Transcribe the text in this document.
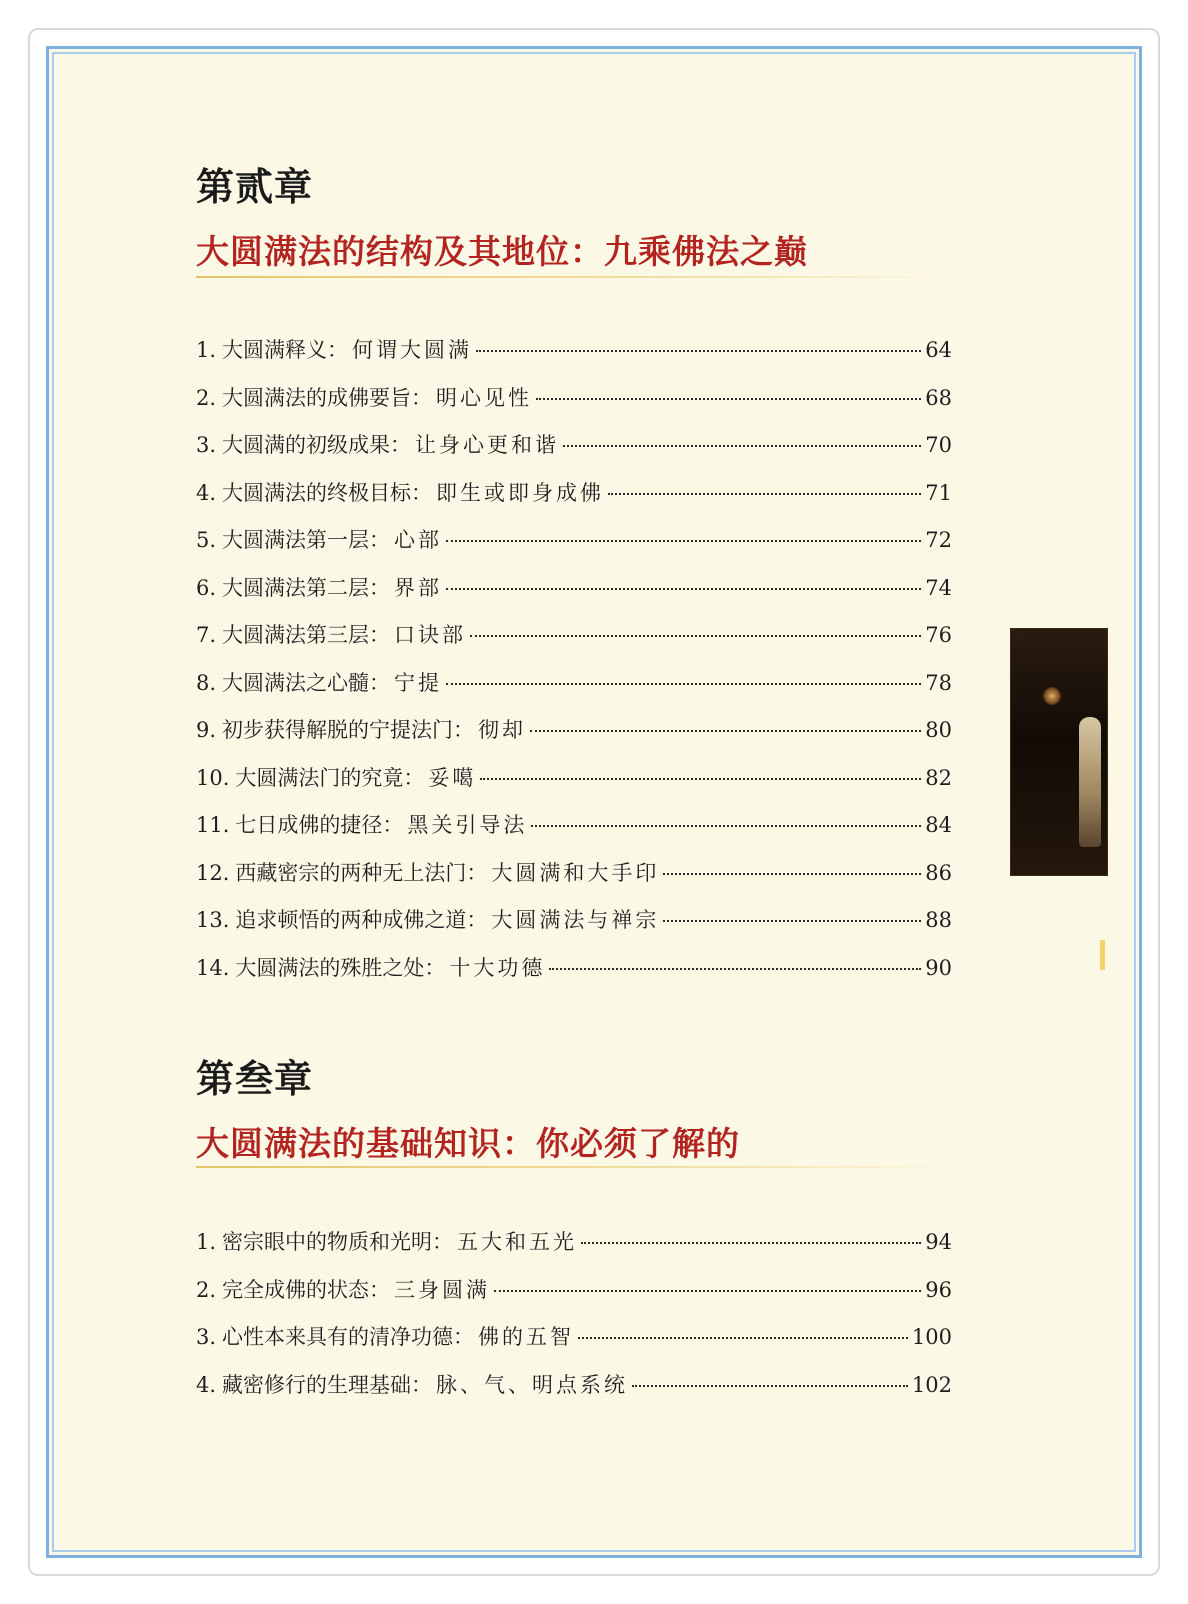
第贰章
大圆满法的结构及其地位：九乘佛法之巅
1. 大圆满释义： 何谓大圆满	64
2. 大圆满法的成佛要旨： 明心见性	68
3. 大圆满的初级成果： 让身心更和谐	70
4. 大圆满法的终极目标： 即生或即身成佛	71
5. 大圆满法第一层： 心部	72
6. 大圆满法第二层： 界部	74
7. 大圆满法第三层： 口诀部	76
8. 大圆满法之心髓： 宁提	78
9. 初步获得解脱的宁提法门： 彻却	80
10. 大圆满法门的究竟： 妥噶	82
11. 七日成佛的捷径： 黑关引导法	84
12. 西藏密宗的两种无上法门： 大圆满和大手印	86
13. 追求顿悟的两种成佛之道： 大圆满法与禅宗	88
14. 大圆满法的殊胜之处： 十大功德	90
第叁章
大圆满法的基础知识：你必须了解的
1. 密宗眼中的物质和光明： 五大和五光	94
2. 完全成佛的状态： 三身圆满	96
3. 心性本来具有的清净功德： 佛的五智	100
4. 藏密修行的生理基础： 脉、气、明点系统	102
